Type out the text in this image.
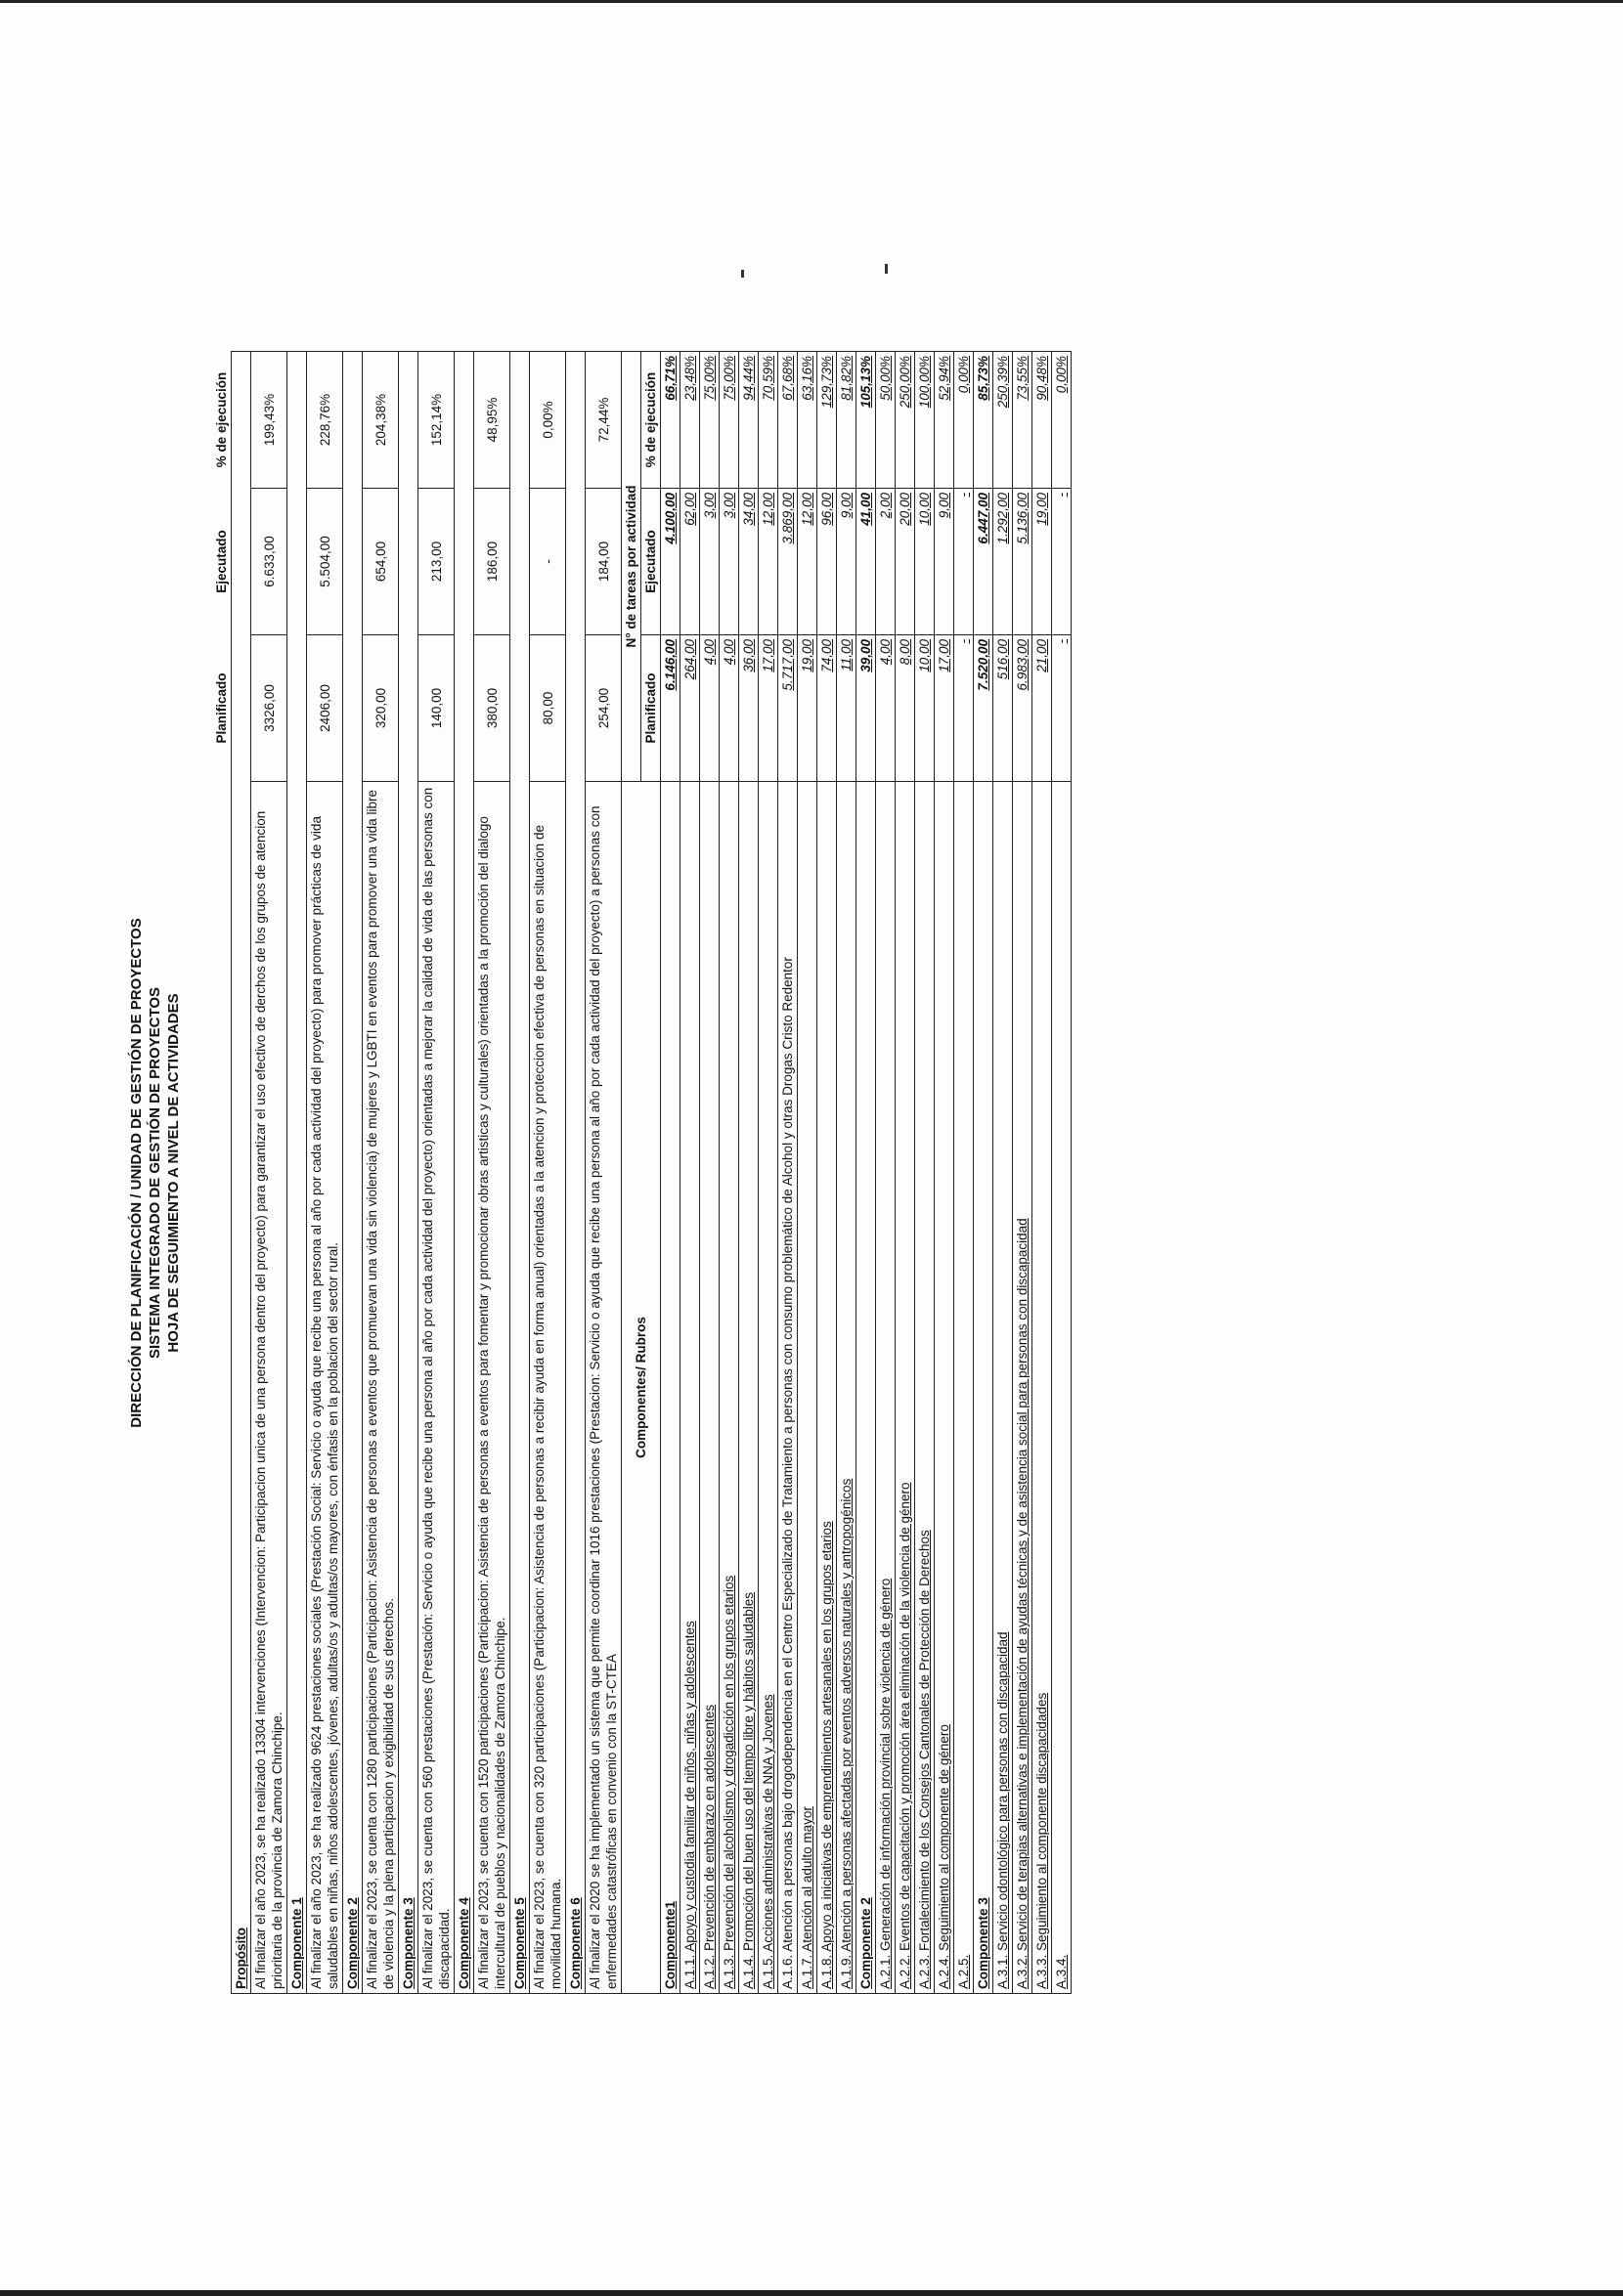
DIRECCIÓN DE PLANIFICACIÓN / UNIDAD DE GESTIÓN DE PROYECTOS SISTEMA INTEGRADO DE GESTIÓN DE PROYECTOS HOJA DE SEGUIMIENTO A NIVEL DE ACTIVIDADES
	Planificado	Ejecutado	% de ejecución
Propósito			
Al finalizar el año 2023, se ha realizado 13304 intervenciones (Intervencion: Participacion unica de una persona dentro del proyecto) para garantizar el uso efectivo de derchos de los grupos de atencion prioritaria de la provincia de Zamora Chinchipe.	3326,00	6.633,00	199,43%
Componente 1			
Al finalizar el año 2023, se ha realizado 9624 prestaciones sociales (Prestación Social: Servicio o ayuda que recibe una persona al año por cada actividad del proyecto) para promover prácticas de vida saludables en niñas, niños adolescentes, jóvenes, adultas/os y adultas/os mayores, con énfasis en la poblacion del sector rural.	2406,00	5.504,00	228,76%
Componente 2			
Al finalizar el 2023, se cuenta con 1280 participaciones (Participacion: Asistencia de personas a eventos que promuevan una vida sin violencia) de mujeres y LGBTI en eventos para promover una vida libre de violencia y la plena participacion y exigibilidad de sus derechos.	320,00	654,00	204,38%
Componente 3			
Al finalizar el 2023, se cuenta con 560 prestaciones (Prestación: Servicio o ayuda que recibe una persona al año por cada actividad del proyecto) orientadas a mejorar la calidad de vida de las personas con discapacidad.	140,00	213,00	152,14%
Componente 4			
Al finalizar el 2023, se cuenta con 1520 participaciones (Participacion: Asistencia de personas a eventos para fomentar y promocionar obras artisticas y culturales) orientadas a la promoción del dialogo intercultural de pueblos y nacionalidades de Zamora Chinchipe.	380,00	186,00	48,95%
Componente 5			
Al finalizar el 2023, se cuenta con 320 participaciones (Participacion: Asistencia de personas a recibir ayuda en forma anual) orientadas a la atencion y proteccion efectiva de personas en situacion de movilidad humana.	80,00	-	0,00%
Componente 6			
Al finalizar el 2020 se ha implementado un sistema que permite coordinar 1016 prestaciones (Prestacion: Servicio o ayuda que recibe una persona al año por cada actividad del proyecto) a personas con enfermedades catastróficas en convenio con la ST-CTEA	254,00	184,00	72,44%
Componentes/ Rubros	N° de tareas por actividad		
	Planificado	Ejecutado	% de ejecución
Componente1	6.146,00	4.100,00	66,71%
A.1.1. Apoyo y custodia familiar de niños, niñas y adolescentes	264,00	62,00	23,48%
A.1.2. Prevención de embarazo en adolescentes	4,00	3,00	75,00%
A.1.3. Prevención del alcoholismo y drogadicción en los grupos etarios	4,00	3,00	75,00%
A.1.4. Promoción del buen uso del tiempo libre y hábitos saludables	36,00	34,00	94,44%
A.1.5. Acciones administrativas de NNA y Jovenes	17,00	12,00	70,59%
A.1.6. Atención a personas bajo drogodependencia en el Centro Especializado de Tratamiento a personas con consumo problemático de Alcohol y otras Drogas Cristo Redentor	5.717,00	3.869,00	67,68%
A.1.7. Atención al adulto mayor	19,00	12,00	63,16%
A.1.8. Apoyo a iniciativas de emprendimientos artesanales en los grupos etarios	74,00	96,00	129,73%
A.1.9. Atención a personas afectadas por eventos adversos naturales y antropogénicos	11,00	9,00	81,82%
Componente 2	39,00	41,00	105,13%
A.2.1. Generación de información provincial sobre violencia de género	4,00	2,00	50,00%
A.2.2. Eventos de capacitación y promoción área eliminación de la violencia de género	8,00	20,00	250,00%
A.2.3. Fortalecimiento de los Consejos Cantonales de Protección de Derechos	10,00	10,00	100,00%
A.2.4. Seguimiento al componente de género	17,00	9,00	52,94%
A.2.5.	-	-	0,00%
Componente 3	7.520,00	6.447,00	85,73%
A.3.1. Servicio odontológico para personas con discapacidad	516,00	1.292,00	250,39%
A.3.2. Servicio de terapias alternativas e implementación de ayudas técnicas y de asistencia social para personas con discapacidad	6.983,00	5.136,00	73,55%
A.3.3. Seguimiento al componente discapacidades	21,00	19,00	90,48%
A.3.4.	-	-	0,00%
